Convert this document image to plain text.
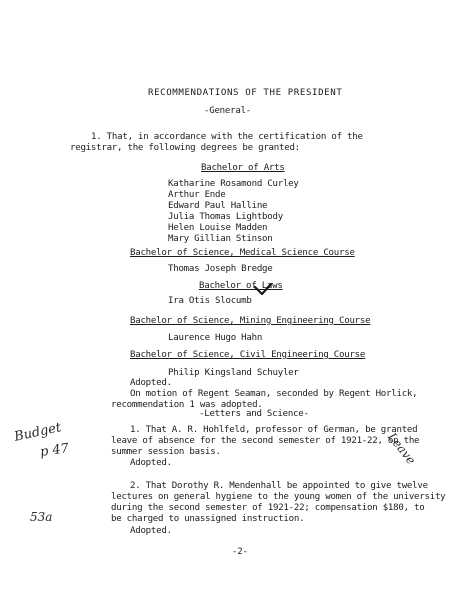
RECOMMENDATIONS OF THE PRESIDENT
-General-
1. That, in accordance with the certification of the
registrar, the following degrees be granted:
Bachelor of Arts
Katharine Rosamond Curley
Arthur Ende
Edward Paul Halline
Julia Thomas Lightbody
Helen Louise Madden
Mary Gillian Stinson
Bachelor of Science, Medical Science Course
Thomas Joseph Bredge
Bachelor of Laws
Ira Otis Slocumb
Bachelor of Science, Mining Engineering Course
Laurence Hugo Hahn
Bachelor of Science, Civil Engineering Course
Philip Kingsland Schuyler
Adopted.
On motion of Regent Seaman, seconded by Regent Horlick,
recommendation 1 was adopted.
-Letters and Science-
1. That A. R. Hohlfeld, professor of German, be granted
leave of absence for the second semester of 1921-22, on the
summer session basis.
Adopted.
2. That Dorothy R. Mendenhall be appointed to give twelve
lectures on general hygiene to the young women of the university
during the second semester of 1921-22; compensation $180, to
be charged to unassigned instruction.
Adopted.
-2-
Budget
p 47	Leave
53a
